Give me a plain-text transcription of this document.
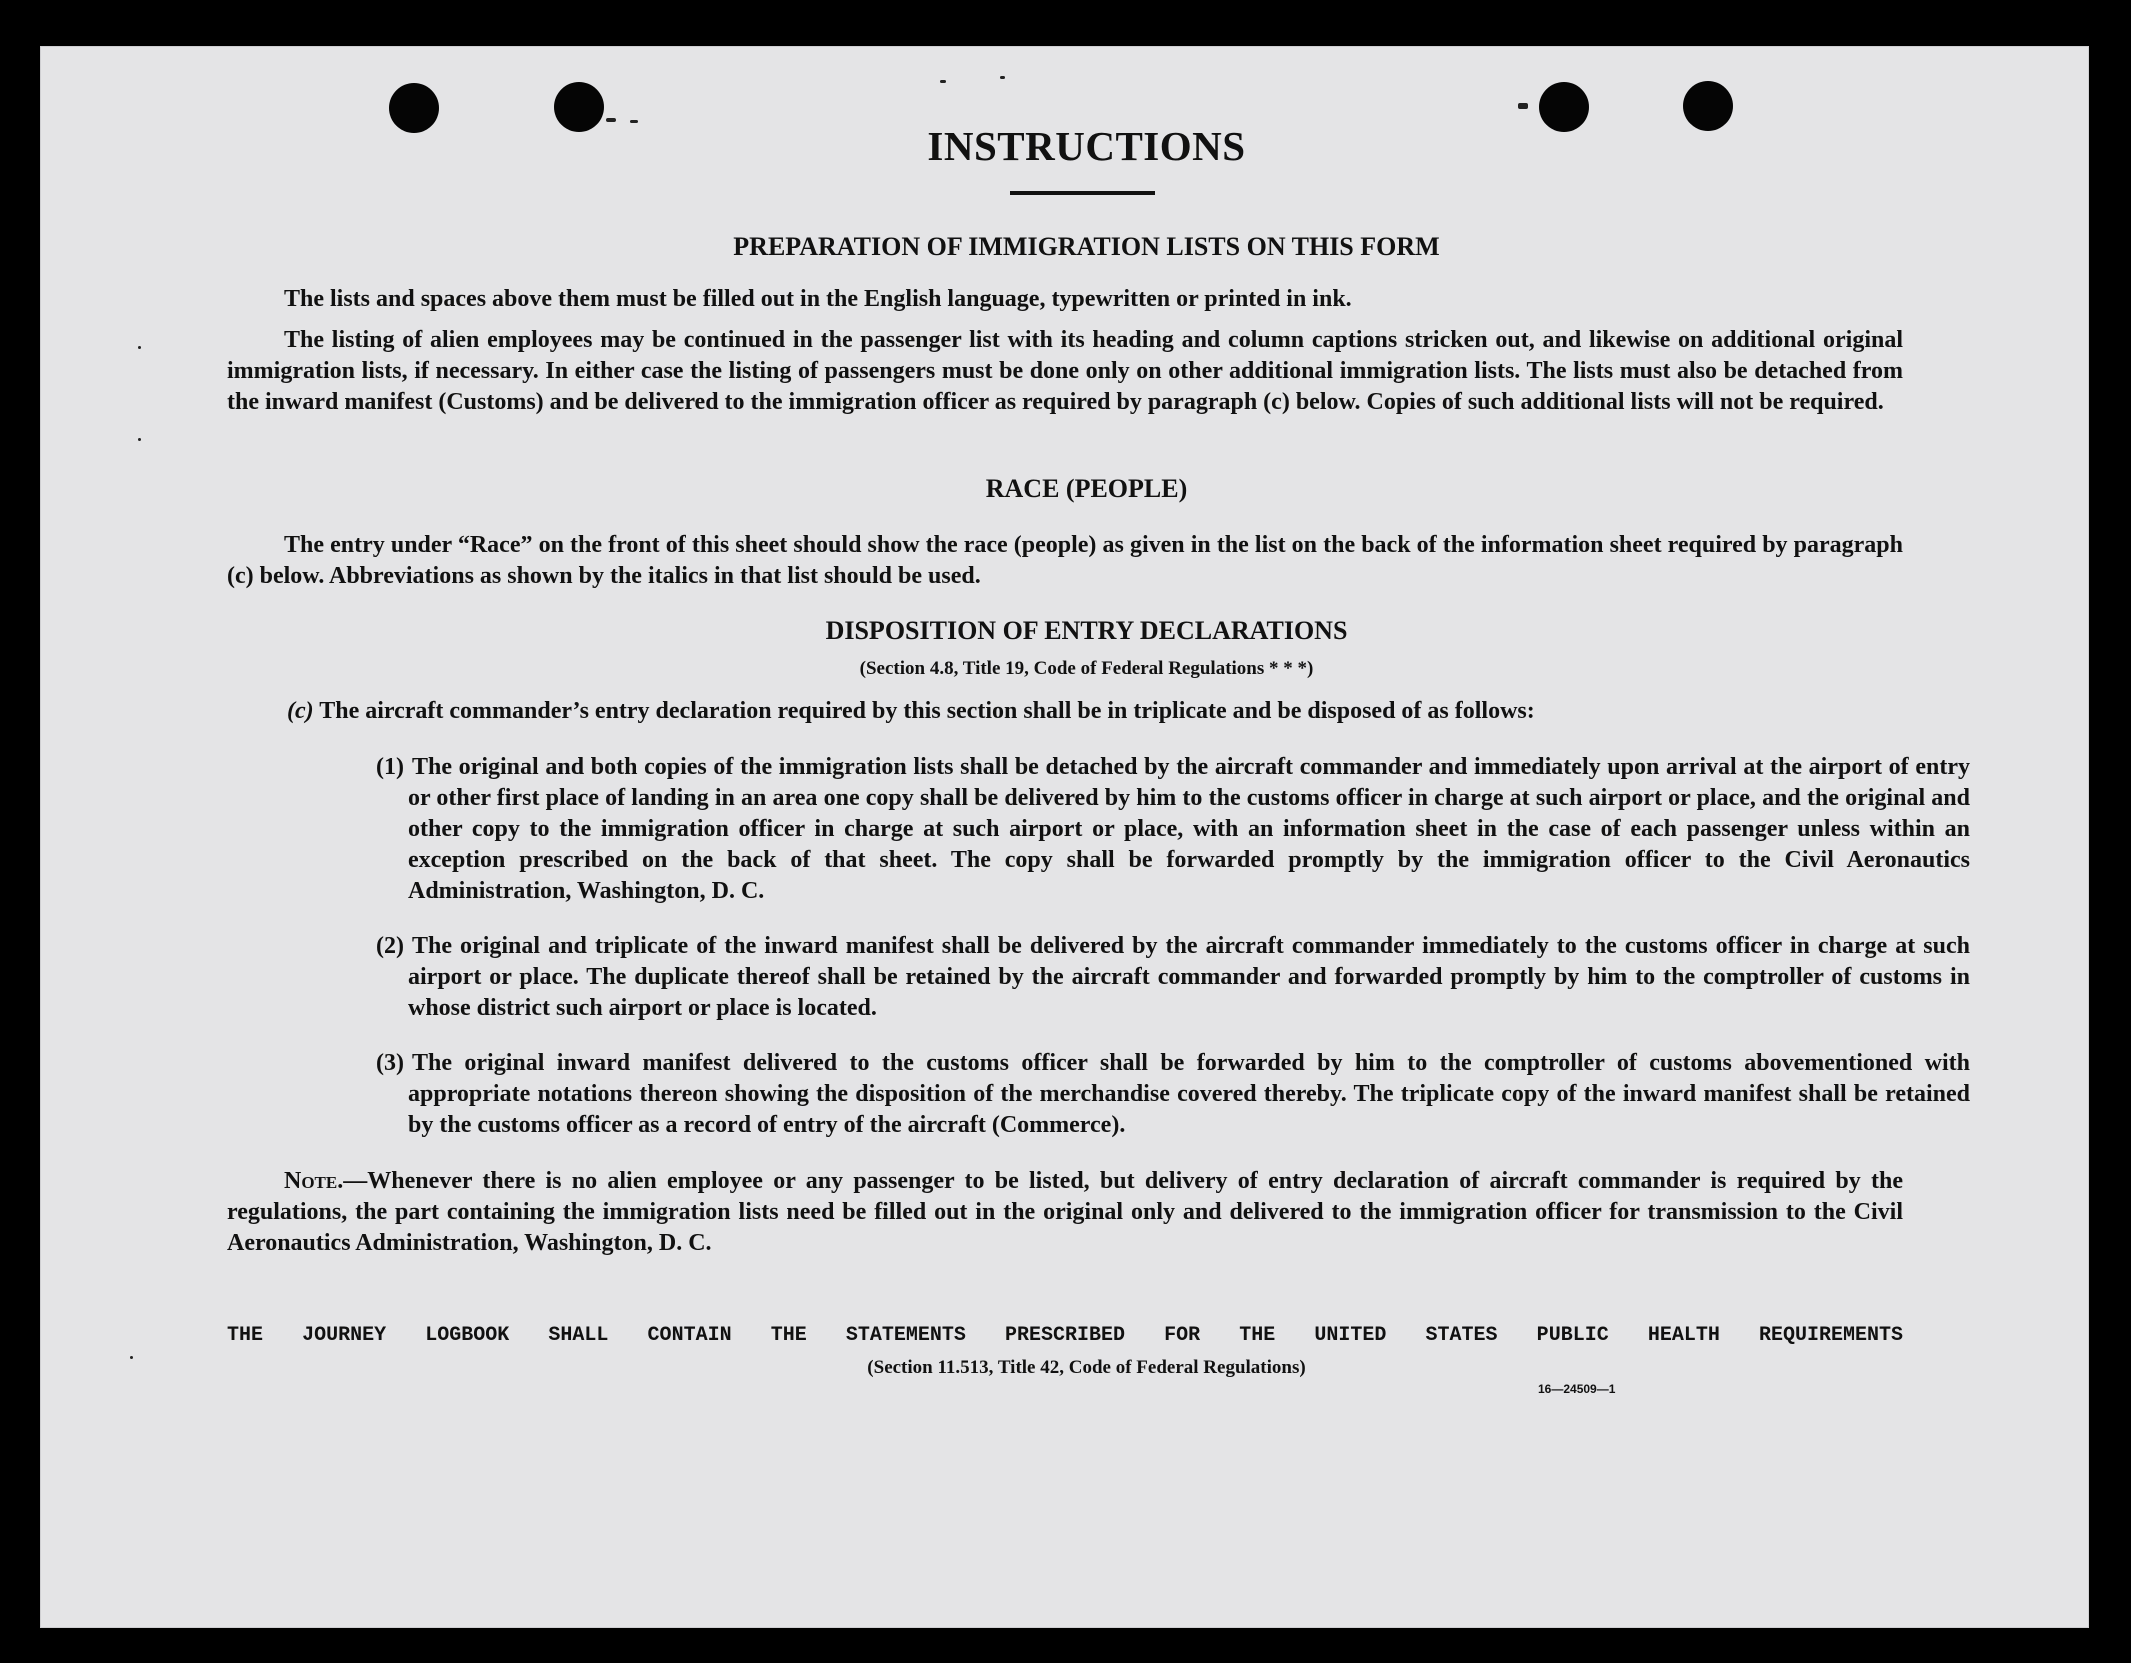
INSTRUCTIONS
PREPARATION OF IMMIGRATION LISTS ON THIS FORM
The lists and spaces above them must be filled out in the English language, typewritten or printed in ink.
The listing of alien employees may be continued in the passenger list with its heading and column captions stricken out, and likewise on additional original immigration lists, if necessary. In either case the listing of passengers must be done only on other additional immigration lists. The lists must also be detached from the inward manifest (Customs) and be delivered to the immigration officer as required by paragraph (c) below. Copies of such additional lists will not be required.
RACE (PEOPLE)
The entry under “Race” on the front of this sheet should show the race (people) as given in the list on the back of the information sheet required by paragraph (c) below. Abbreviations as shown by the italics in that list should be used.
DISPOSITION OF ENTRY DECLARATIONS
(Section 4.8, Title 19, Code of Federal Regulations * * *)
(c) The aircraft commander’s entry declaration required by this section shall be in triplicate and be disposed of as follows:
(1) The original and both copies of the immigration lists shall be detached by the aircraft commander and immediately upon arrival at the airport of entry or other first place of landing in an area one copy shall be delivered by him to the customs officer in charge at such airport or place, and the original and other copy to the immigration officer in charge at such airport or place, with an information sheet in the case of each passenger unless within an exception prescribed on the back of that sheet. The copy shall be forwarded promptly by the immigration officer to the Civil Aeronautics Administration, Washington, D. C.
(2) The original and triplicate of the inward manifest shall be delivered by the aircraft commander immediately to the customs officer in charge at such airport or place. The duplicate thereof shall be retained by the aircraft commander and forwarded promptly by him to the comptroller of customs in whose district such airport or place is located.
(3) The original inward manifest delivered to the customs officer shall be forwarded by him to the comptroller of customs abovementioned with appropriate notations thereon showing the disposition of the merchandise covered thereby. The triplicate copy of the inward manifest shall be retained by the customs officer as a record of entry of the aircraft (Commerce).
Note.—Whenever there is no alien employee or any passenger to be listed, but delivery of entry declaration of aircraft commander is required by the regulations, the part containing the immigration lists need be filled out in the original only and delivered to the immigration officer for transmission to the Civil Aeronautics Administration, Washington, D. C.
THE JOURNEY LOGBOOK SHALL CONTAIN THE STATEMENTS PRESCRIBED FOR THE UNITED STATES PUBLIC HEALTH REQUIREMENTS
(Section 11.513, Title 42, Code of Federal Regulations)
16—24509—1
